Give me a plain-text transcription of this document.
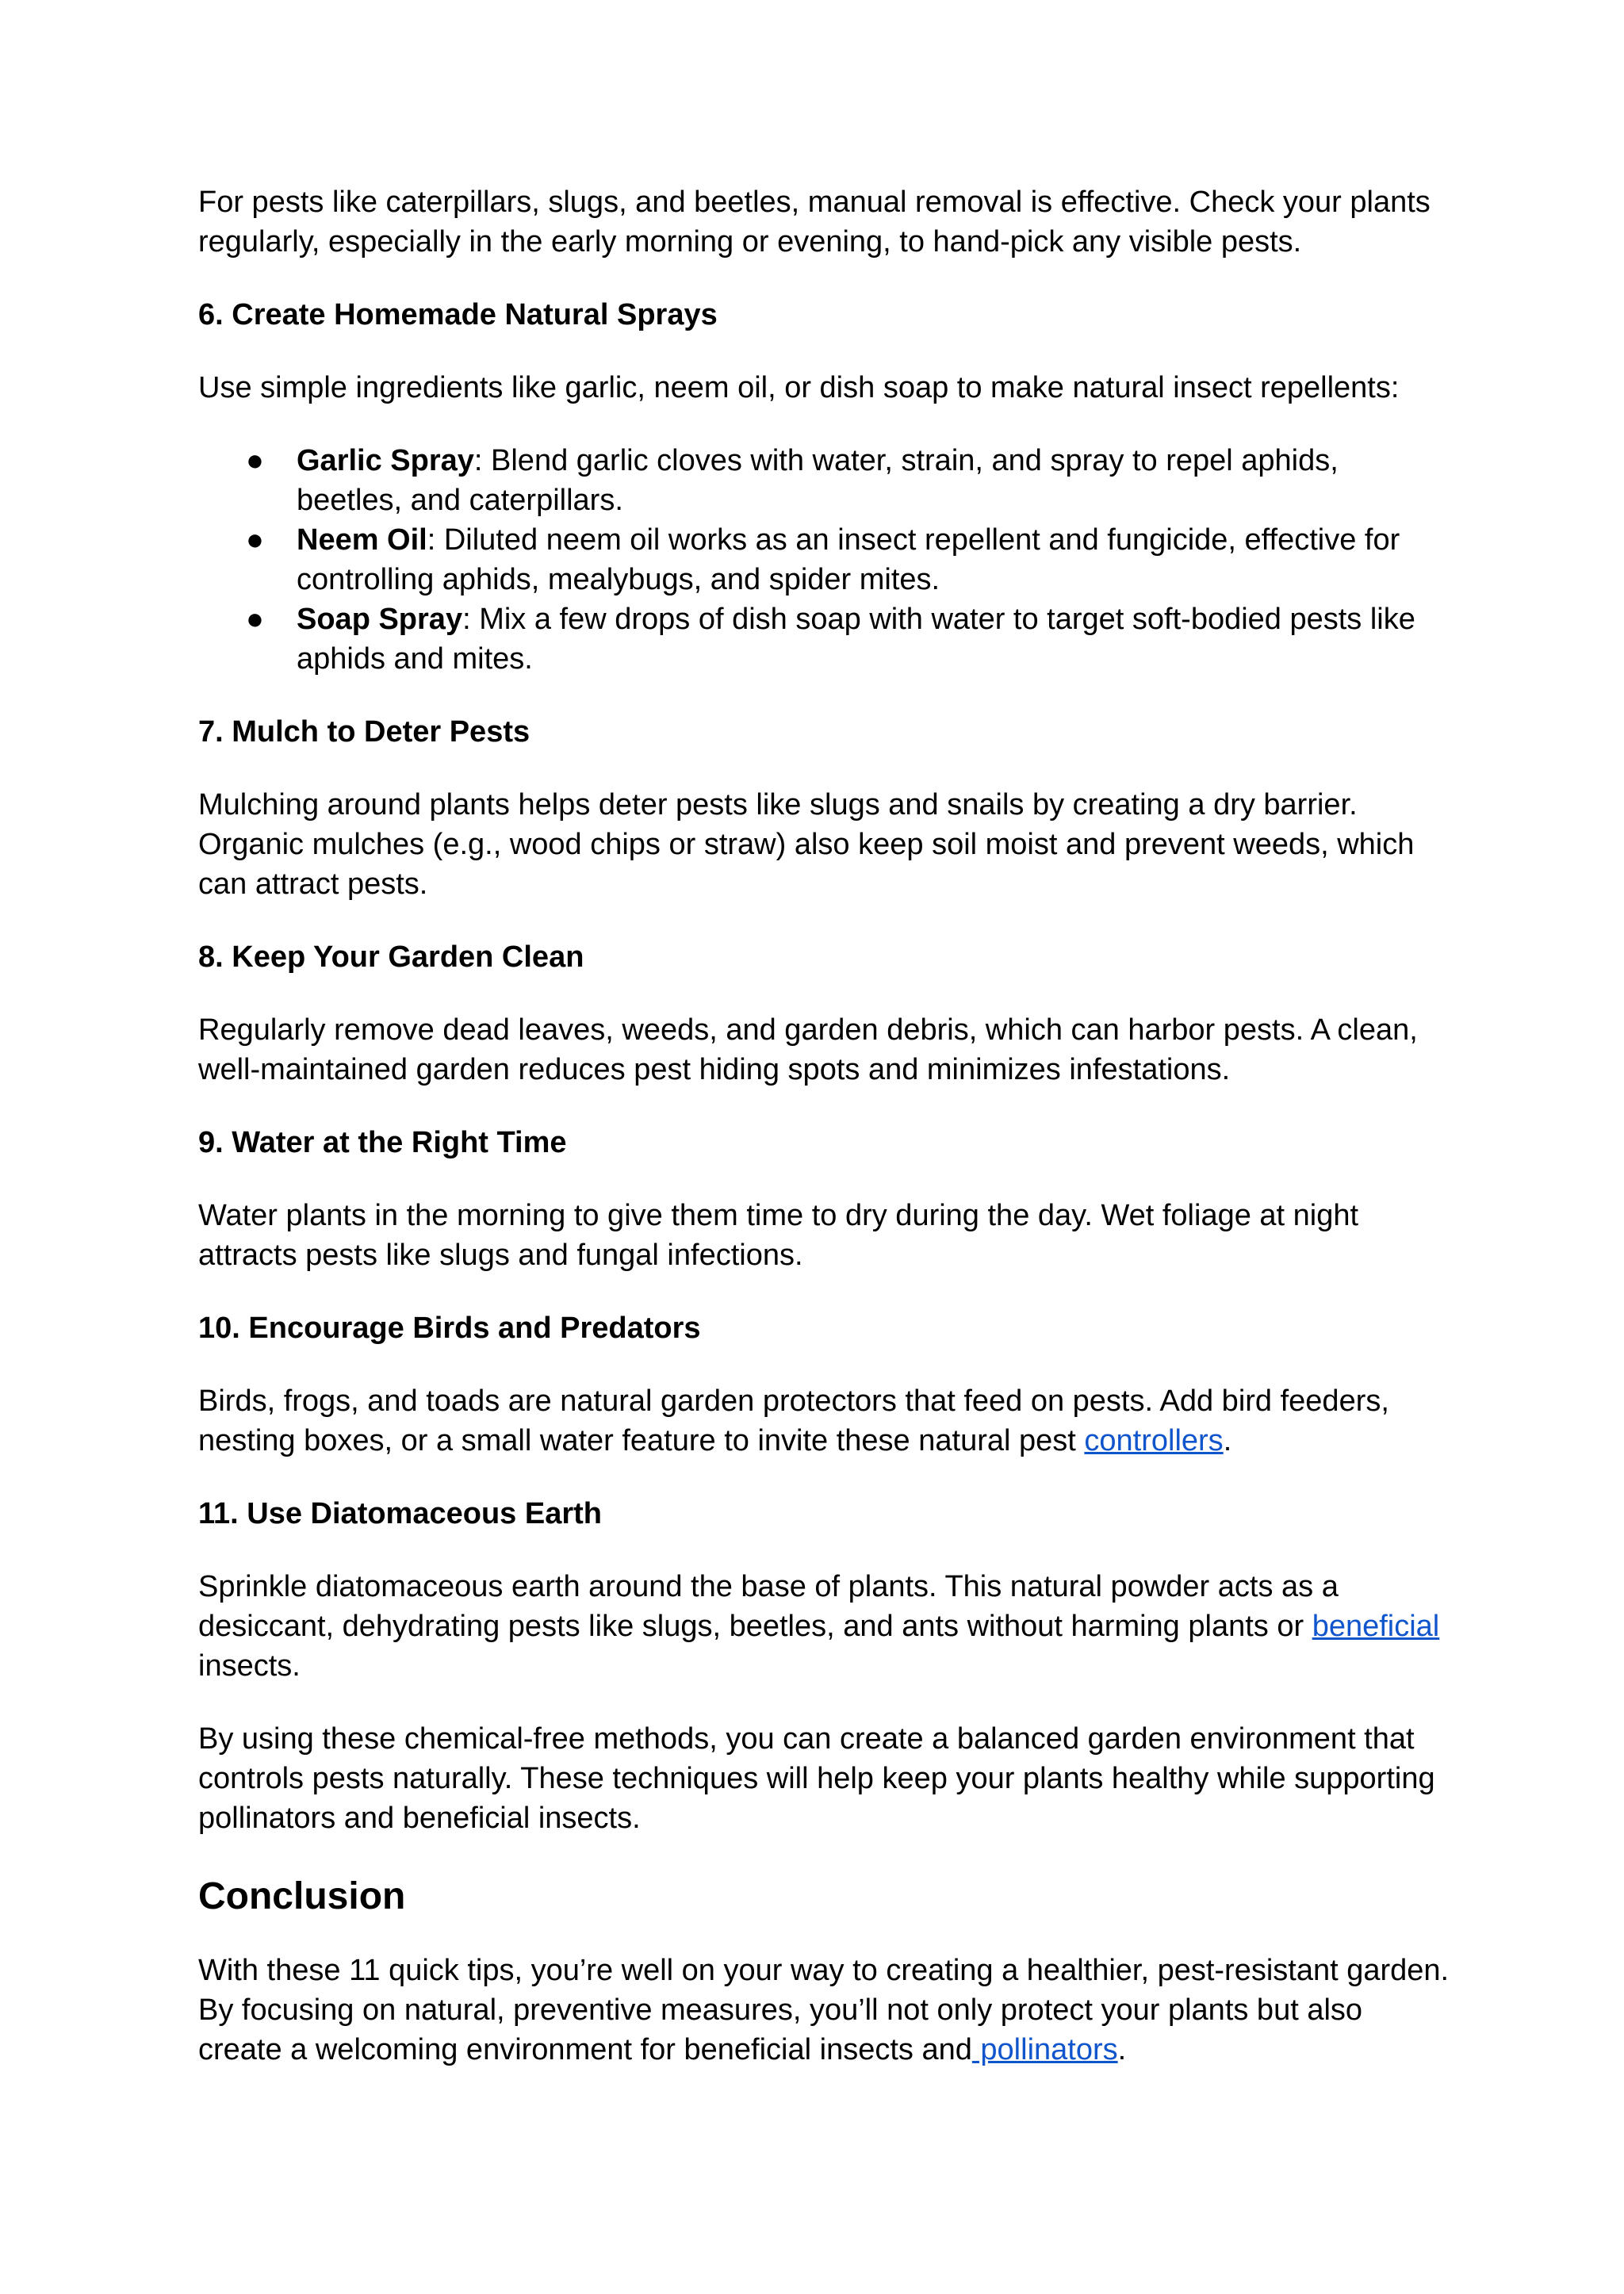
For pests like caterpillars, slugs, and beetles, manual removal is effective. Check your plants regularly, especially in the early morning or evening, to hand-pick any visible pests.

6. Create Homemade Natural Sprays

Use simple ingredients like garlic, neem oil, or dish soap to make natural insect repellents:

● Garlic Spray: Blend garlic cloves with water, strain, and spray to repel aphids, beetles, and caterpillars.
● Neem Oil: Diluted neem oil works as an insect repellent and fungicide, effective for controlling aphids, mealybugs, and spider mites.
● Soap Spray: Mix a few drops of dish soap with water to target soft-bodied pests like aphids and mites.
7. Mulch to Deter Pests

Mulching around plants helps deter pests like slugs and snails by creating a dry barrier. Organic mulches (e.g., wood chips or straw) also keep soil moist and prevent weeds, which can attract pests.

8. Keep Your Garden Clean

Regularly remove dead leaves, weeds, and garden debris, which can harbor pests. A clean, well-maintained garden reduces pest hiding spots and minimizes infestations.

9. Water at the Right Time

Water plants in the morning to give them time to dry during the day. Wet foliage at night attracts pests like slugs and fungal infections.

10. Encourage Birds and Predators

Birds, frogs, and toads are natural garden protectors that feed on pests. Add bird feeders, nesting boxes, or a small water feature to invite these natural pest controllers.

11. Use Diatomaceous Earth

Sprinkle diatomaceous earth around the base of plants. This natural powder acts as a desiccant, dehydrating pests like slugs, beetles, and ants without harming plants or beneficial insects.

By using these chemical-free methods, you can create a balanced garden environment that controls pests naturally. These techniques will help keep your plants healthy while supporting pollinators and beneficial insects.

Conclusion

With these 11 quick tips, you’re well on your way to creating a healthier, pest-resistant garden. By focusing on natural, preventive measures, you’ll not only protect your plants but also create a welcoming environment for beneficial insects and pollinators.
